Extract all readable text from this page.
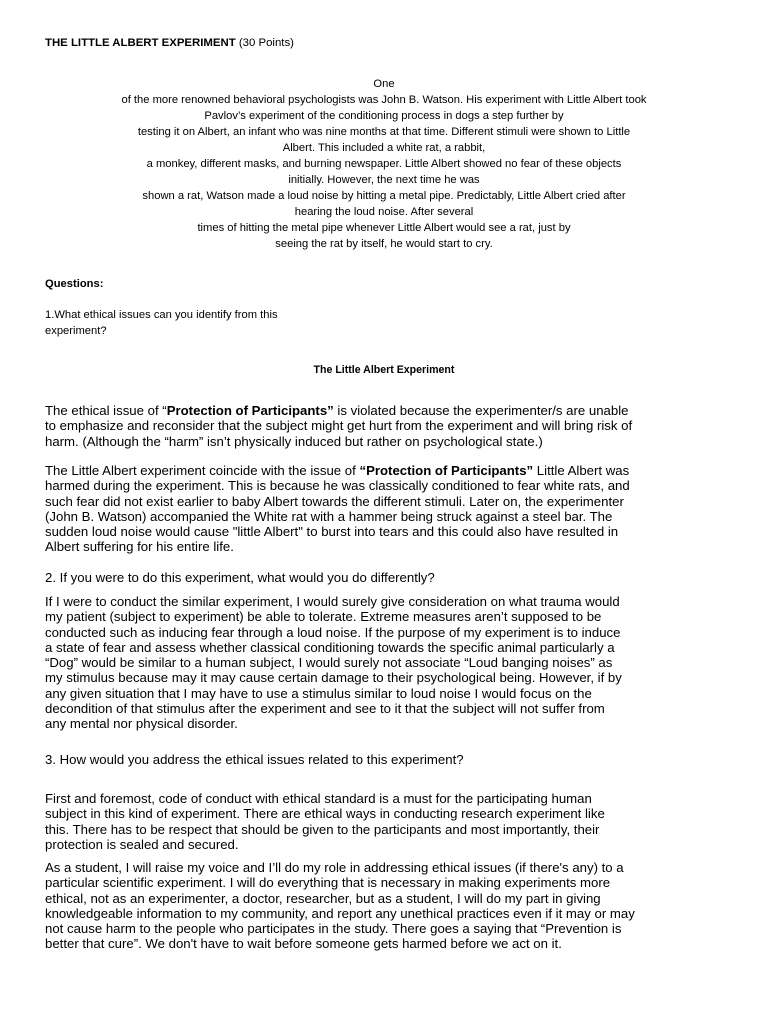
THE LITTLE ALBERT EXPERIMENT (30 Points)
One
of the more renowned behavioral psychologists was John B. Watson. His experiment with Little Albert took
Pavlov’s experiment of the conditioning process in dogs a step further by
testing it on Albert, an infant who was nine months at that time. Different stimuli were shown to Little
Albert. This included a white rat, a rabbit,
a monkey, different masks, and burning newspaper. Little Albert showed no fear of these objects
initially. However, the next time he was
shown a rat, Watson made a loud noise by hitting a metal pipe. Predictably, Little Albert cried after
hearing the loud noise. After several
times of hitting the metal pipe whenever Little Albert would see a rat, just by
seeing the rat by itself, he would start to cry.
Questions:
1.What ethical issues can you identify from this
experiment?
The Little Albert Experiment
The ethical issue of “Protection of Participants” is violated because the experimenter/s are unable
to emphasize and reconsider that the subject might get hurt from the experiment and will bring risk of
harm. (Although the “harm” isn’t physically induced but rather on psychological state.)
The Little Albert experiment coincide with the issue of “Protection of Participants” Little Albert was
harmed during the experiment. This is because he was classically conditioned to fear white rats, and
such fear did not exist earlier to baby Albert towards the different stimuli. Later on, the experimenter
(John B. Watson) accompanied the White rat with a hammer being struck against a steel bar. The
sudden loud noise would cause "little Albert" to burst into tears and this could also have resulted in
Albert suffering for his entire life.
2. If you were to do this experiment, what would you do differently?
If I were to conduct the similar experiment, I would surely give consideration on what trauma would
my patient (subject to experiment) be able to tolerate. Extreme measures aren’t supposed to be
conducted such as inducing fear through a loud noise. If the purpose of my experiment is to induce
a state of fear and assess whether classical conditioning towards the specific animal particularly a
“Dog” would be similar to a human subject, I would surely not associate “Loud banging noises” as
my stimulus because may it may cause certain damage to their psychological being. However, if by
any given situation that I may have to use a stimulus similar to loud noise I would focus on the
decondition of that stimulus after the experiment and see to it that the subject will not suffer from
any mental nor physical disorder.
3. How would you address the ethical issues related to this experiment?
First and foremost, code of conduct with ethical standard is a must for the participating human
subject in this kind of experiment. There are ethical ways in conducting research experiment like
this. There has to be respect that should be given to the participants and most importantly, their
protection is sealed and secured.
As a student, I will raise my voice and I’ll do my role in addressing ethical issues (if there's any) to a
particular scientific experiment. I will do everything that is necessary in making experiments more
ethical, not as an experimenter, a doctor, researcher, but as a student, I will do my part in giving
knowledgeable information to my community, and report any unethical practices even if it may or may
not cause harm to the people who participates in the study. There goes a saying that “Prevention is
better that cure”. We don't have to wait before someone gets harmed before we act on it.
